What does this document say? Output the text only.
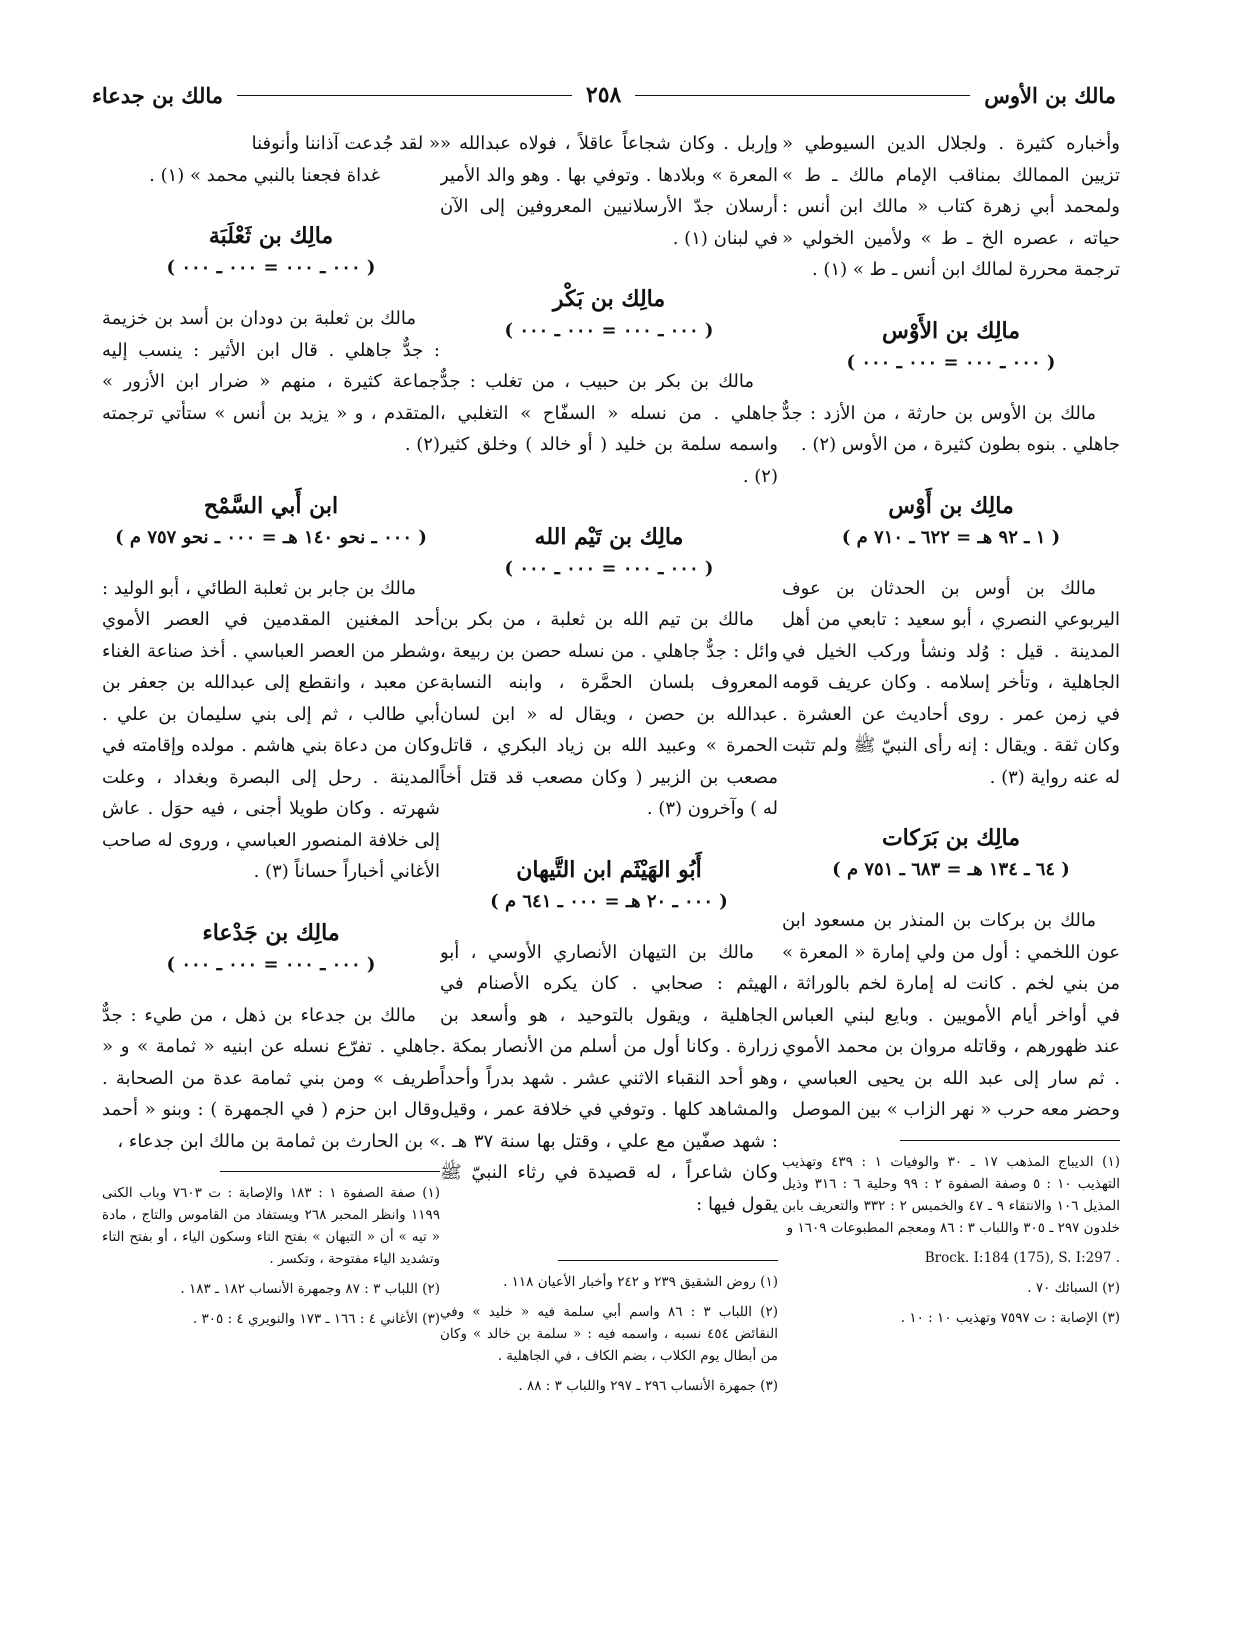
مالك بن الأوس
٢٥٨
مالك بن جدعاء

وأخباره كثيرة . ولجلال الدين السيوطي « تزيين الممالك بمناقب الإمام مالك ـ ط » ولمحمد أبي زهرة كتاب « مالك ابن أنس : حياته ، عصره الخ ـ ط » ولأمين الخولي « ترجمة محررة لمالك ابن أنس ـ ط » (١) .

مالِك بن الأَوْس
( ٠٠٠ ـ ٠٠٠ = ٠٠٠ ـ ٠٠٠ )

مالك بن الأوس بن حارثة ، من الأزد : جدٌّ جاهلي . بنوه بطون كثيرة ، من الأوس (٢) .

مالِك بن أَوْس
( ١ ـ ٩٢ هـ = ٦٢٢ ـ ٧١٠ م )

مالك بن أوس بن الحدثان بن عوف اليربوعي النصري ، أبو سعيد : تابعي من أهل المدينة . قيل : وُلد ونشأ وركب الخيل في الجاهلية ، وتأخر إسلامه . وكان عريف قومه في زمن عمر . روى أحاديث عن العشرة . وكان ثقة . ويقال : إنه رأى النبيّ ﷺ ولم تثبت له عنه رواية (٣) .

مالِك بن بَرَكات
( ٦٤ ـ ١٣٤ هـ = ٦٨٣ ـ ٧٥١ م )

مالك بن بركات بن المنذر بن مسعود ابن عون اللخمي : أول من ولي إمارة « المعرة » من بني لخم . كانت له إمارة لخم بالوراثة ، في أواخر أيام الأمويين . وبايع لبني العباس عند ظهورهم ، وقاتله مروان بن محمد الأموي . ثم سار إلى عبد الله بن يحيى العباسي ، وحضر معه حرب « نهر الزاب » بين الموصل

(١) الديباج المذهب ١٧ ـ ٣٠ والوفيات ١ : ٤٣٩ وتهذيب التهذيب ١٠ : ٥ وصفة الصفوة ٢ : ٩٩ وحلية ٦ : ٣١٦ وذيل المذيل ١٠٦ والانتقاء ٩ ـ ٤٧ والخميس ٢ : ٣٣٢ والتعريف بابن خلدون ٢٩٧ ـ ٣٠٥ واللباب ٣ : ٨٦ ومعجم المطبوعات ١٦٠٩ و

Brock. I:184 (175), S. I:297 .

(٢) السبائك ٧٠ .

(٣) الإصابة : ت ٧٥٩٧ وتهذيب ١٠ : ١٠ .

وإربل . وكان شجاعاً عاقلاً ، فولاه عبدالله « المعرة » وبلادها . وتوفي بها . وهو والد الأمير أرسلان جدّ الأرسلانيين المعروفين إلى الآن في لبنان (١) .

مالِك بن بَكْر
( ٠٠٠ ـ ٠٠٠ = ٠٠٠ ـ ٠٠٠ )

مالك بن بكر بن حبيب ، من تغلب : جدٌّ جاهلي . من نسله « السفّاح » التغلبي ، واسمه سلمة بن خليد ( أو خالد ) وخلق كثير (٢) .

مالِك بن تَيْم الله
( ٠٠٠ ـ ٠٠٠ = ٠٠٠ ـ ٠٠٠ )

مالك بن تيم الله بن ثعلبة ، من بكر بن وائل : جدٌّ جاهلي . من نسله حصن بن ربيعة ، المعروف بلسان الحمَّرة ، وابنه النسابة عبدالله بن حصن ، ويقال له « ابن لسان الحمرة » وعبيد الله بن زياد البكري ، قاتل مصعب بن الزبير ( وكان مصعب قد قتل أخاً له ) وآخرون (٣) .

أَبُو الهَيْثَم ابن التَّيهان
( ٠٠٠ ـ ٢٠ هـ = ٠٠٠ ـ ٦٤١ م )

مالك بن التيهان الأنصاري الأوسي ، أبو الهيثم : صحابي . كان يكره الأصنام في الجاهلية ، ويقول بالتوحيد ، هو وأسعد بن زرارة . وكانا أول من أسلم من الأنصار بمكة . وهو أحد النقباء الاثني عشر . شهد بدراً وأحداً والمشاهد كلها . وتوفي في خلافة عمر ، وقيل : شهد صفّين مع علي ، وقتل بها سنة ٣٧ هـ . وكان شاعراً ، له قصيدة في رثاء النبيّ ﷺ يقول فيها :

(١) روض الشقيق ٢٣٩ و ٢٤٢ وأخبار الأعيان ١١٨ .

(٢) اللباب ٣ : ٨٦ واسم أبي سلمة فيه « خليد » وفي النقائض ٤٥٤ نسبه ، واسمه فيه : « سلمة بن خالد » وكان من أبطال يوم الكلاب ، بضم الكاف ، في الجاهلية .

(٣) جمهرة الأنساب ٢٩٦ ـ ٢٩٧ واللباب ٣ : ٨٨ .

« لقد جُدعت آذاننا وأنوفنا
غداة فجعنا بالنبي محمد » (١) .
مالِك بن ثَعْلَبَة
( ٠٠٠ ـ ٠٠٠ = ٠٠٠ ـ ٠٠٠ )

مالك بن ثعلبة بن دودان بن أسد بن خزيمة : جدٌّ جاهلي . قال ابن الأثير : ينسب إليه جماعة كثيرة ، منهم « ضرار ابن الأزور » المتقدم ، و « يزيد بن أنس » ستأتي ترجمته (٢) .

ابن أَبي السَّمْح
( ٠٠٠ ـ نحو ١٤٠ هـ = ٠٠٠ ـ نحو ٧٥٧ م )

مالك بن جابر بن ثعلبة الطائي ، أبو الوليد : أحد المغنين المقدمين في العصر الأموي وشطر من العصر العباسي . أخذ صناعة الغناء عن معبد ، وانقطع إلى عبدالله بن جعفر بن أبي طالب ، ثم إلى بني سليمان بن علي . وكان من دعاة بني هاشم . مولده وإقامته في المدينة . رحل إلى البصرة وبغداد ، وعلت شهرته . وكان طويلا أجنى ، فيه حوَل . عاش إلى خلافة المنصور العباسي ، وروى له صاحب الأغاني أخباراً حساناً (٣) .

مالِك بن جَدْعاء
( ٠٠٠ ـ ٠٠٠ = ٠٠٠ ـ ٠٠٠ )

مالك بن جدعاء بن ذهل ، من طيء : جدٌّ جاهلي . تفرّع نسله عن ابنيه « ثمامة » و « طريف » ومن بني ثمامة عدة من الصحابة . وقال ابن حزم ( في الجمهرة ) : وبنو « أحمد » بن الحارث بن ثمامة بن مالك ابن جدعاء ،

(١) صفة الصفوة ١ : ١٨٣ والإصابة : ت ٧٦٠٣ وباب الكنى ١١٩٩ وانظر المحبر ٢٦٨ ويستفاد من القاموس والتاج ، مادة « تيه » أن « التيهان » بفتح التاء وسكون الياء ، أو بفتح التاء وتشديد الياء مفتوحة ، وتكسر .

(٢) اللباب ٣ : ٨٧ وجمهرة الأنساب ١٨٢ ـ ١٨٣ .

(٣) الأغاني ٤ : ١٦٦ ـ ١٧٣ والنويري ٤ : ٣٠٥ .
